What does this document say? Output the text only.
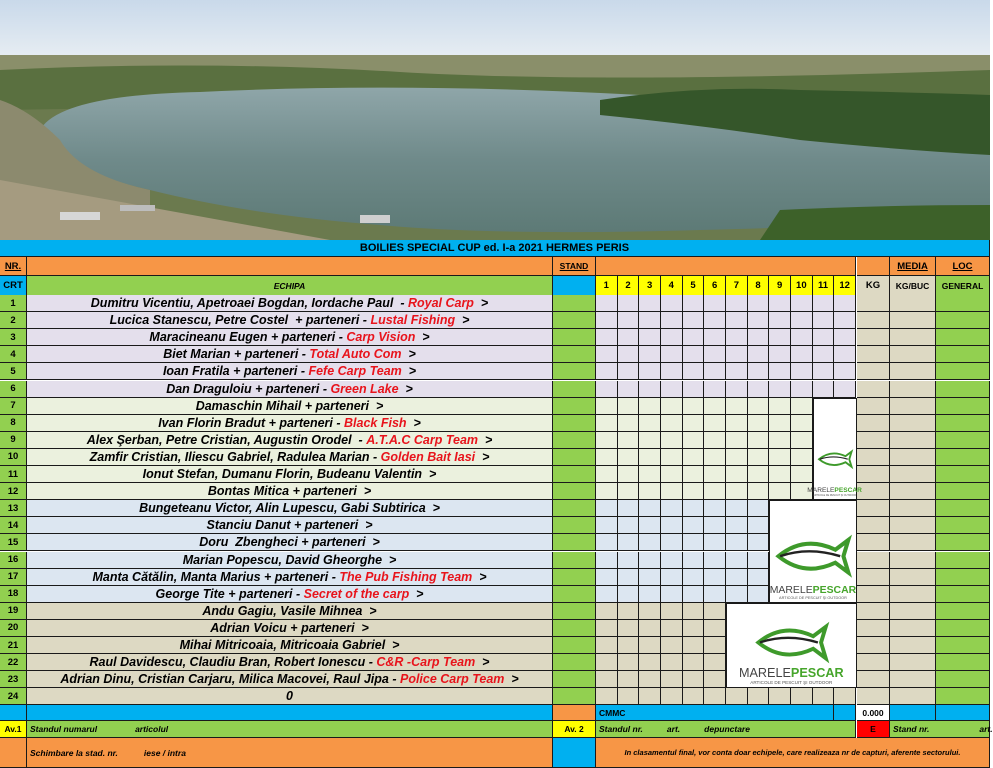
BOILIES SPECIAL CUP ed. I-a 2021 HERMES PERIS
NR.	STAND	MEDIA	LOC
CRT	ECHIPA	1	2	3	4	5	6	7	8	9	10	11	12	KG	KG/BUC	GENERAL
1	Dumitru Vicentiu, Apetroaei Bogdan, Iordache Paul  - Royal Carp >
2	Lucica Stanescu, Petre Costel  + parteneri - Lustal Fishing >
3	Maracineanu Eugen + parteneri - Carp Vision >
4	Biet Marian + parteneri - Total Auto Com >
5	Ioan Fratila + parteneri - Fefe Carp Team >
6	Dan Draguloiu + parteneri - Green Lake >
7	Damaschin Mihail + parteneri  >
8	Ivan Florin Bradut + parteneri - Black Fish >
9	Alex Şerban, Petre Cristian, Augustin Orodel  - A.T.A.C Carp Team >
10	Zamfir Cristian, Iliescu Gabriel, Radulea Marian - Golden Bait Iasi >
11	Ionut Stefan, Dumanu Florin, Budeanu Valentin  >
12	Bontas Mitica + parteneri  >
13	Bungeteanu Victor, Alin Lupescu, Gabi Subtirica  >
14	Stanciu Danut + parteneri  >
15	Doru  Zbengheci + parteneri  >
16	Marian Popescu, David Gheorghe  >
17	Manta Cătălin, Manta Marius + parteneri - The Pub Fishing Team >
18	George Tite + parteneri - Secret of the carp >
19	Andu Gagiu, Vasile Mihnea  >
20	Adrian Voicu + parteneri  >
21	Mihai Mitricoaia, Mitricoaia Gabriel  >
22	Raul Davidescu, Claudiu Bran, Robert Ionescu - C&R -Carp Team >
23	Adrian Dinu, Cristian Carjaru, Milica Macovei, Raul Jipa - Police Carp Team >
24	0
CMMC	0.000
Av.1	Standul numarul	articolul	Av. 2	Standul nr.	art.	depunctare	E	Stand nr.	art.
Schimbare la stad. nr.	iese / intra	In clasamentul final, vor conta doar echipele, care realizeaza nr de capturi, aferente sectorului.
MARELEPESCAR
ARTICOLE DE PESCUIT ŞI OUTDOOR
MARELEPESCAR
ARTICOLE DE PESCUIT ŞI OUTDOOR
MARELEPESCAR
ARTICOLE DE PESCUIT ŞI OUTDOOR
